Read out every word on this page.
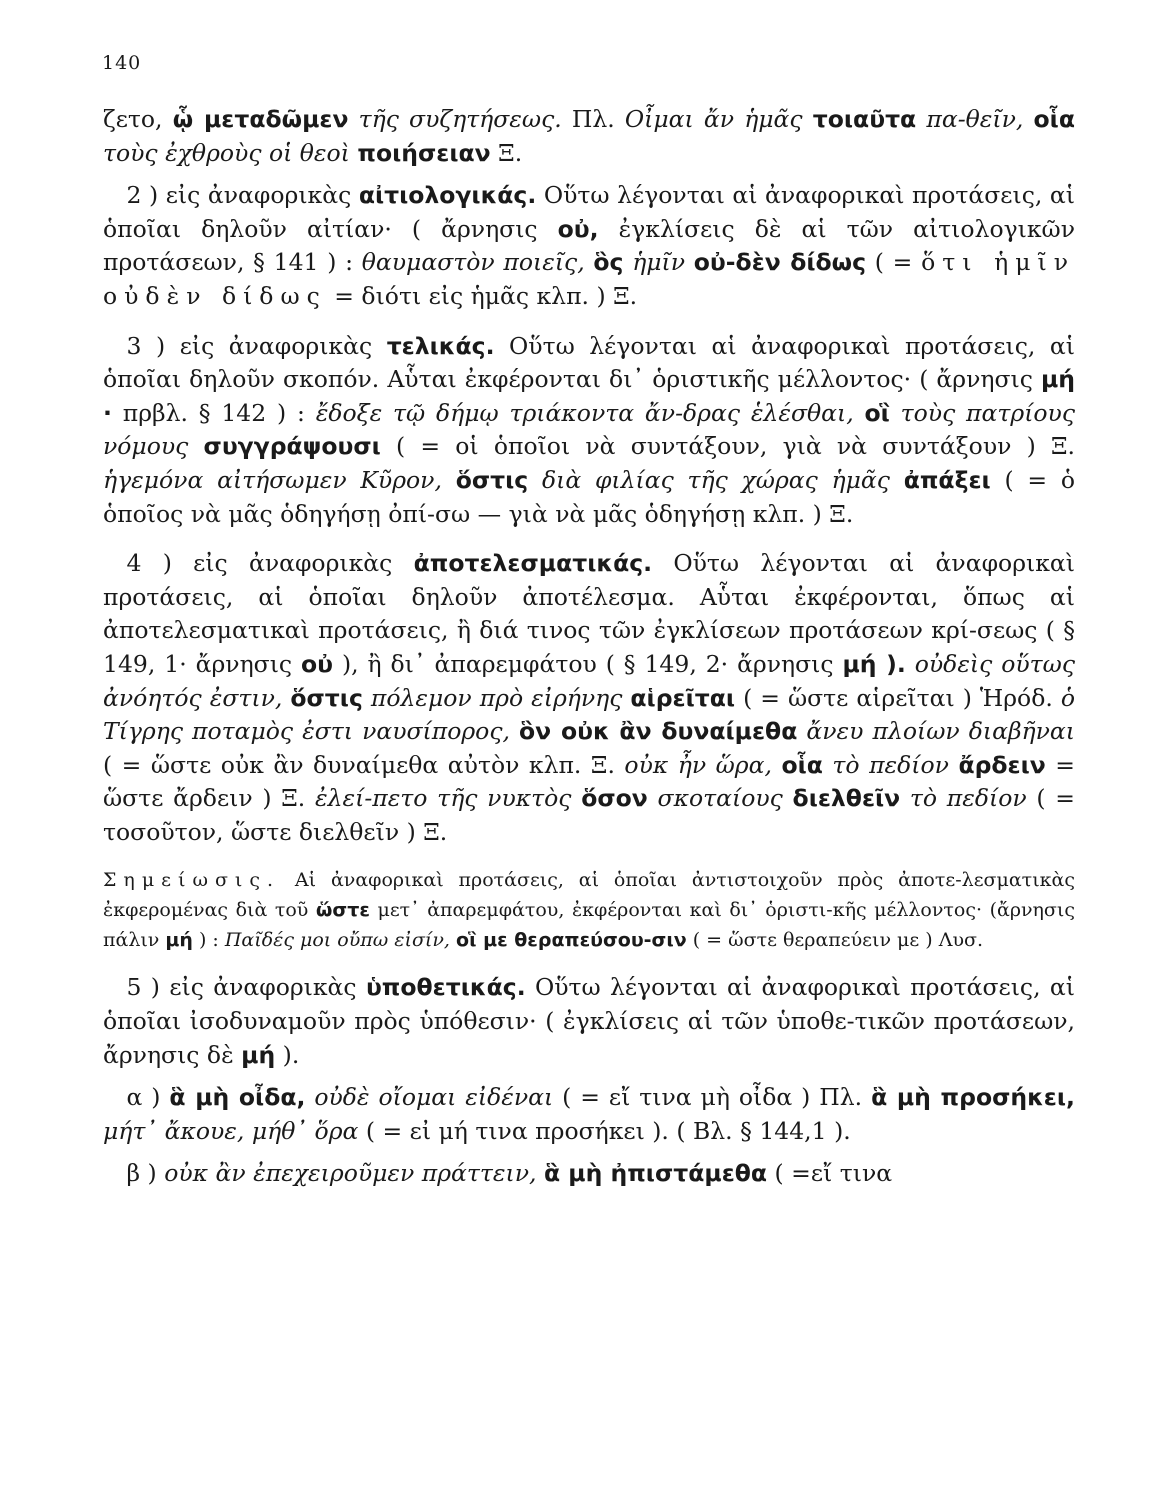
140

ζετο, ᾧ μεταδῶμεν τῆς συζητήσεως. Πλ. Οἶμαι ἄν ἡμᾶς τοιαῦτα πα-θεῖν, οἷα τοὺς ἐχθροὺς οἱ θεοὶ ποιήσειαν Ξ.

 2 ) εἰς ἀναφορικὰς αἰτιολογικάς. Οὕτω λέγονται αἱ ἀναφορικαὶ προτάσεις, αἱ ὁποῖαι δηλοῦν αἰτίαν· ( ἄρνησις οὐ, ἐγκλίσεις δὲ αἱ τῶν αἰτιολογικῶν προτάσεων, § 141 ) : θαυμαστὸν ποιεῖς, ὃς ἡμῖν οὐ-δὲν δίδως ( = ὅτι ἡμῖν οὐδὲν δίδως = διότι εἰς ἡμᾶς κλπ. ) Ξ.

 3 ) εἰς ἀναφορικὰς τελικάς. Οὕτω λέγονται αἱ ἀναφορικαὶ προτάσεις, αἱ ὁποῖαι δηλοῦν σκοπόν. Αὗται ἐκφέρονται δι᾽ ὁριστικῆς μέλλοντος· ( ἄρνησις μή · πρβλ. § 142 ) : ἔδοξε τῷ δήμῳ τριάκοντα ἄν-δρας ἑλέσθαι, οἳ τοὺς πατρίους νόμους συγγράψουσι ( = οἱ ὁποῖοι νὰ συντάξουν, γιὰ νὰ συντάξουν ) Ξ. ἡγεμόνα αἰτήσωμεν Κῦρον, ὅστις διὰ φιλίας τῆς χώρας ἡμᾶς ἀπάξει ( = ὁ ὁποῖος νὰ μᾶς ὁδηγήσῃ ὀπί-σω — γιὰ νὰ μᾶς ὁδηγήσῃ κλπ. ) Ξ.

 4 ) εἰς ἀναφορικὰς ἀποτελεσματικάς. Οὕτω λέγονται αἱ ἀναφορικαὶ προτάσεις, αἱ ὁποῖαι δηλοῦν ἀποτέλεσμα. Αὗται ἐκφέρονται, ὅπως αἱ ἀποτελεσματικαὶ προτάσεις, ἢ διά τινος τῶν ἐγκλίσεων προτάσεων κρί-σεως ( § 149, 1· ἄρνησις οὐ ), ἢ δι᾽ ἀπαρεμφάτου ( § 149, 2· ἄρνησις μή ). οὐδεὶς οὕτως ἀνόητός ἐστιν, ὅστις πόλεμον πρὸ εἰρήνης αἱρεῖται ( = ὥστε αἱρεῖται ) Ἡρόδ. ὁ Τίγρης ποταμὸς ἐστι ναυσίπορος, ὃν οὐκ ἂν δυναίμεθα ἄνευ πλοίων διαβῆναι ( = ὥστε οὐκ ἂν δυναίμεθα αὐτὸν κλπ. Ξ. οὐκ ἦν ὥρα, οἷα τὸ πεδίον ἄρδειν = ὥστε ἄρδειν ) Ξ. ἐλεί-πετο τῆς νυκτὸς ὅσον σκοταίους διελθεῖν τὸ πεδίον ( = τοσοῦτον, ὥστε διελθεῖν ) Ξ.

Σημείωσις. Αἱ ἀναφορικαὶ προτάσεις, αἱ ὁποῖαι ἀντιστοιχοῦν πρὸς ἀποτε-λεσματικὰς ἐκφερομένας διὰ τοῦ ὥστε μετ᾽ ἀπαρεμφάτου, ἐκφέρονται καὶ δι᾽ ὁριστι-κῆς μέλλοντος· (ἄρνησις πάλιν μή ) : Παῖδές μοι οὔπω εἰσίν, οἳ με θεραπεύσου-σιν ( = ὥστε θεραπεύειν με ) Λυσ.

 5 ) εἰς ἀναφορικὰς ὑποθετικάς. Οὕτω λέγονται αἱ ἀναφορικαὶ προτάσεις, αἱ ὁποῖαι ἰσοδυναμοῦν πρὸς ὑπόθεσιν· ( ἐγκλίσεις αἱ τῶν ὑποθε-τικῶν προτάσεων, ἄρνησις δὲ μή ).

 α ) ἃ μὴ οἶδα, οὐδὲ οἴομαι εἰδέναι ( = εἴ τινα μὴ οἶδα ) Πλ. ἃ μὴ προσήκει, μήτ᾽ ἄκουε, μήθ᾽ ὅρα ( = εἰ μή τινα προσήκει ). ( Βλ. § 144,1 ).

 β ) οὐκ ἂν ἐπεχειροῦμεν πράττειν, ἃ μὴ ἠπιστάμεθα ( =εἴ τινα
